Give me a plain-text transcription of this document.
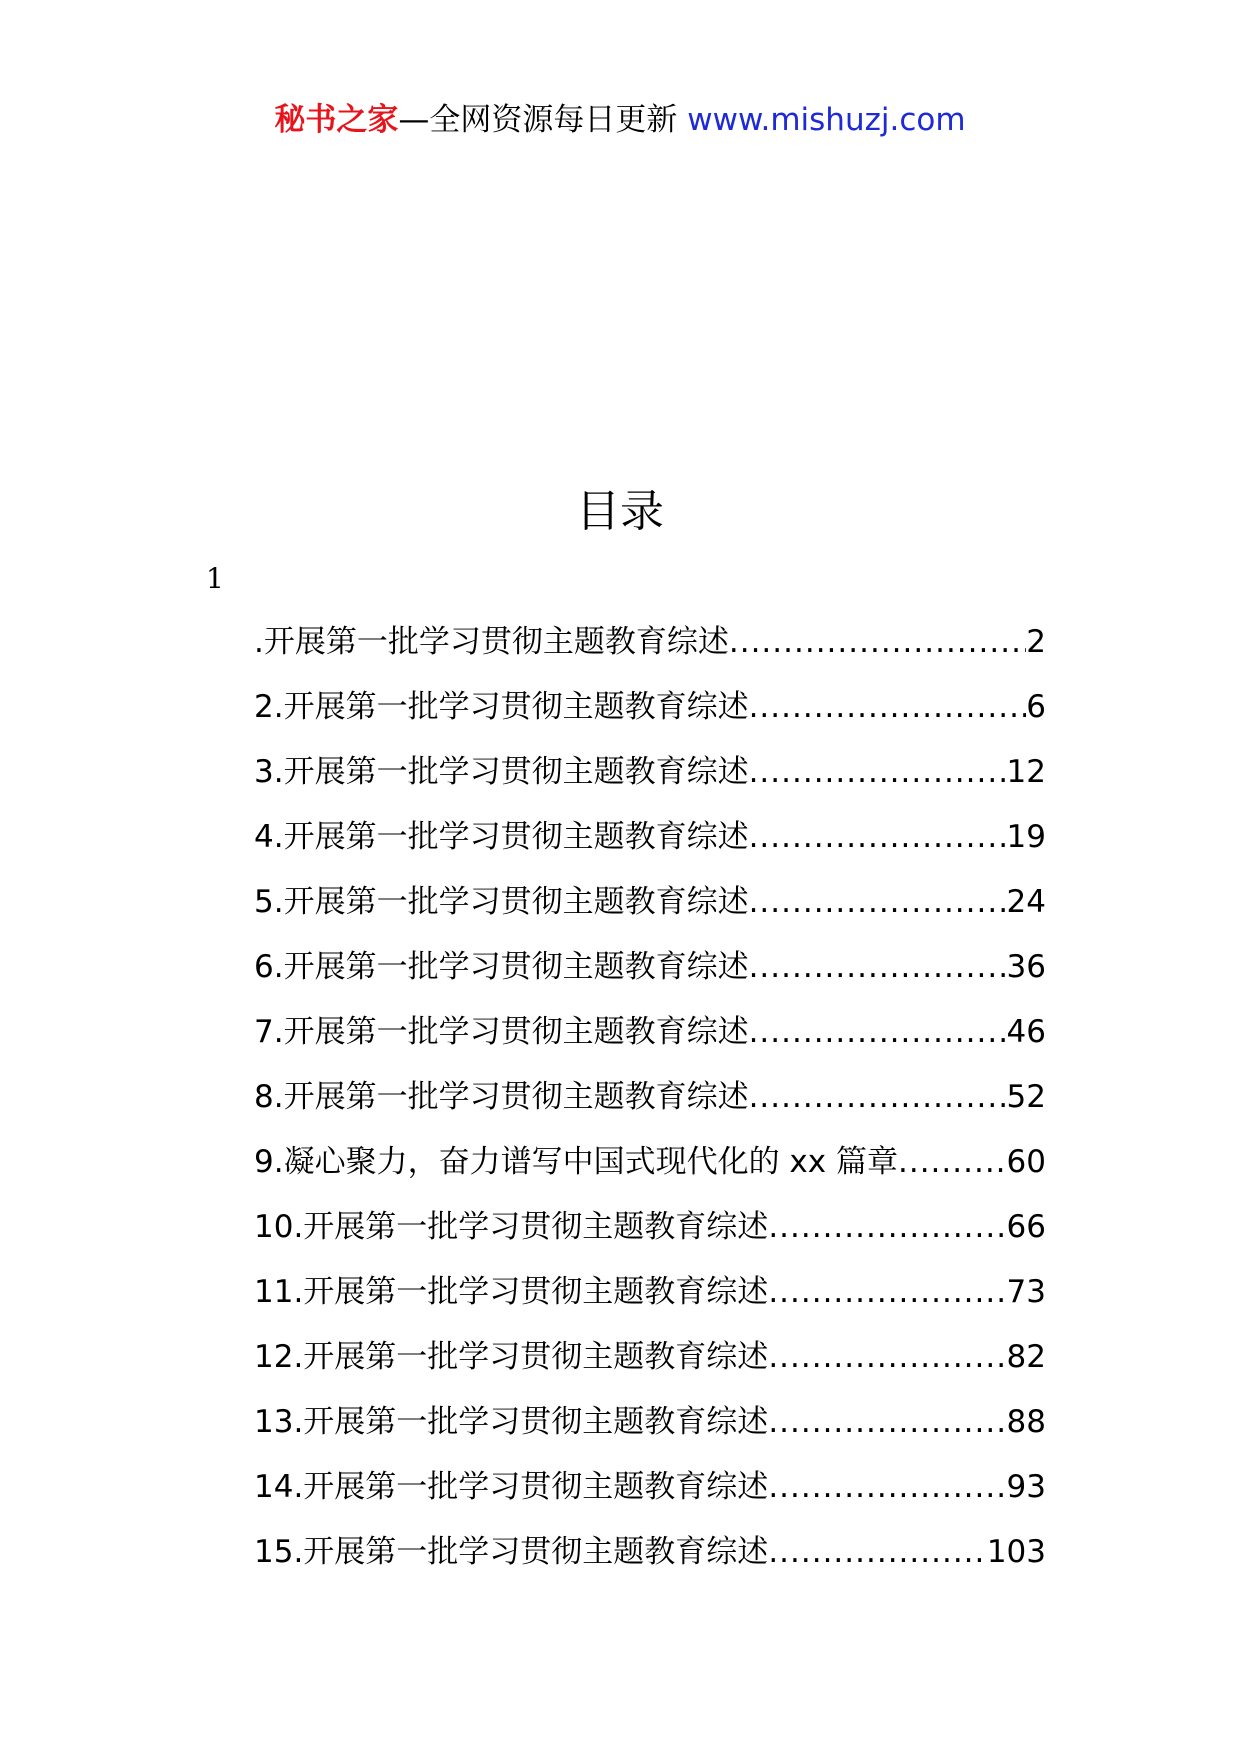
秘书之家—全网资源每日更新 www.mishuzj.com
目录
1
.开展第一批学习贯彻主题教育综述 .....	2
2.开展第一批学习贯彻主题教育综述 .....	6
3.开展第一批学习贯彻主题教育综述 .....	12
4.开展第一批学习贯彻主题教育综述 .....	19
5.开展第一批学习贯彻主题教育综述 .....	24
6.开展第一批学习贯彻主题教育综述 .....	36
7.开展第一批学习贯彻主题教育综述 .....	46
8.开展第一批学习贯彻主题教育综述 .....	52
9.凝心聚力，奋力谱写中国式现代化的 xx 篇章 .....	60
10.开展第一批学习贯彻主题教育综述 .....	66
11.开展第一批学习贯彻主题教育综述 .....	73
12.开展第一批学习贯彻主题教育综述 .....	82
13.开展第一批学习贯彻主题教育综述 .....	88
14.开展第一批学习贯彻主题教育综述 .....	93
15.开展第一批学习贯彻主题教育综述 .....	103
